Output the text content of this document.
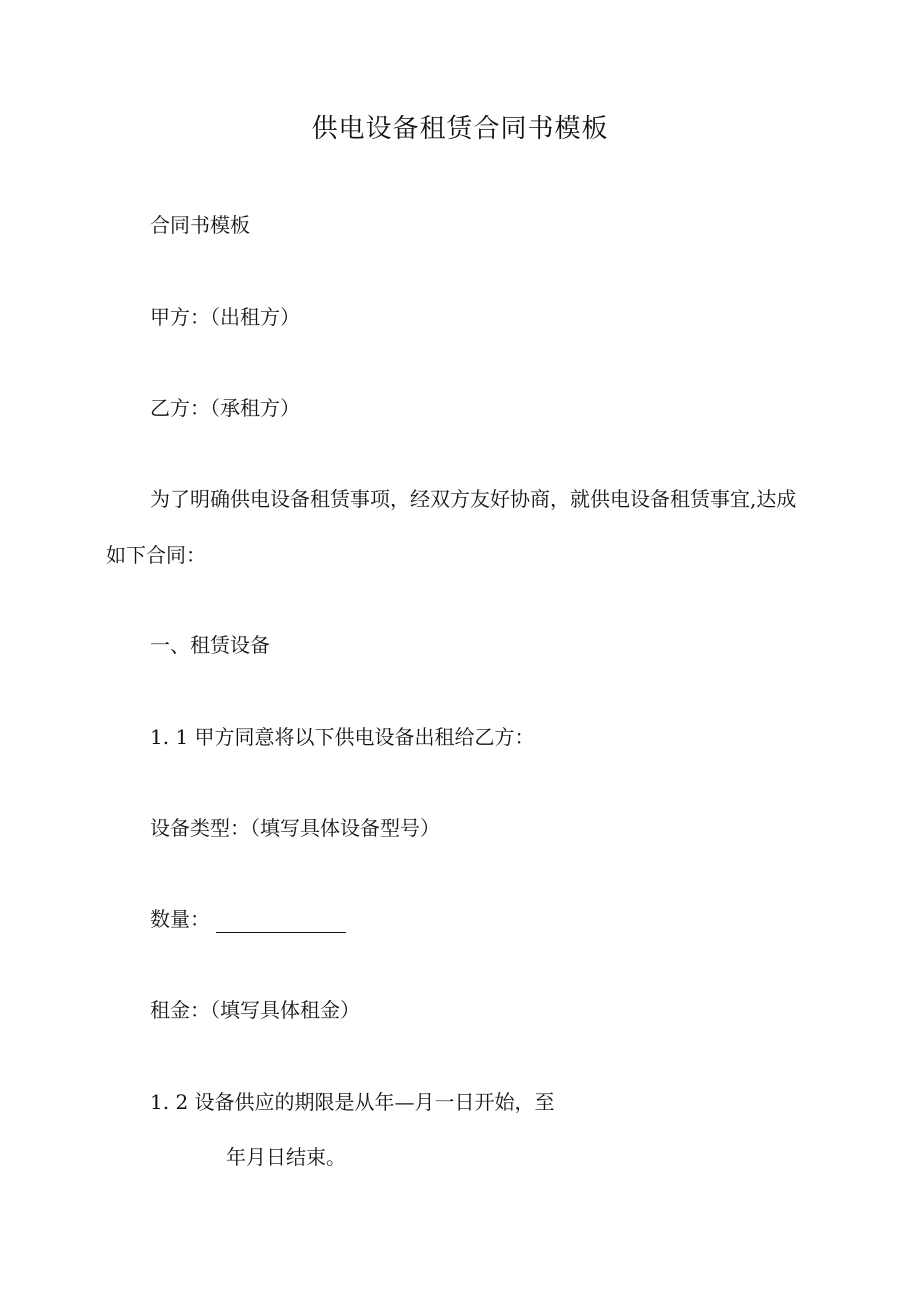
供电设备租赁合同书模板
合同书模板
甲方：（出租方）
乙方：（承租方）
为了明确供电设备租赁事项，经双方友好协商，就供电设备租赁事宜,达成
如下合同：
一、租赁设备
1. 1 甲方同意将以下供电设备出租给乙方：
设备类型：（填写具体设备型号）
数量：
租金：（填写具体租金）
1. 2 设备供应的期限是从年—月一日开始，至
年月日结束。
